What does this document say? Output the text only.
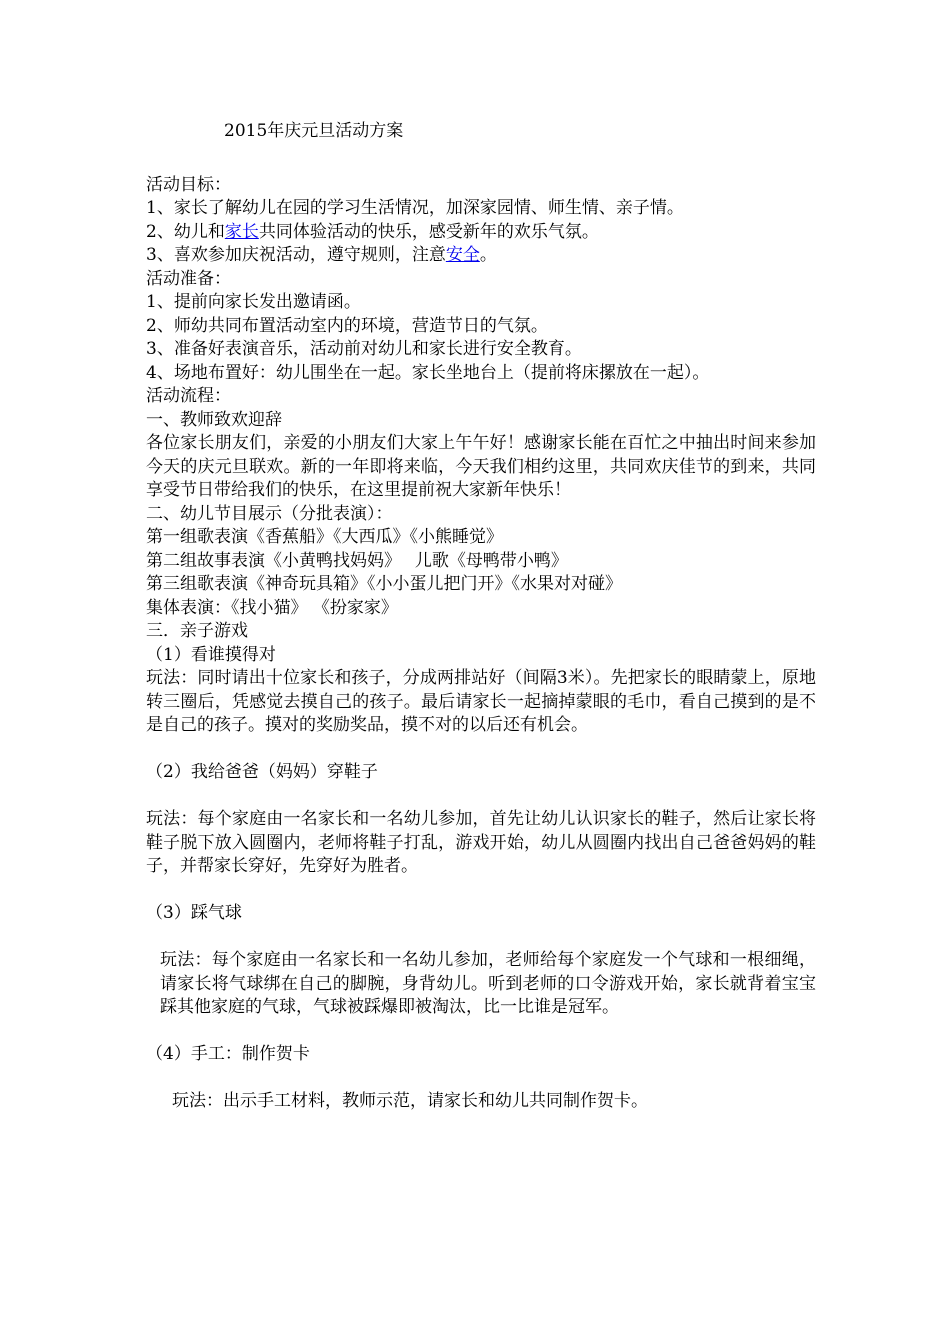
2015年庆元旦活动方案
活动目标：
1、家长了解幼儿在园的学习生活情况，加深家园情、师生情、亲子情。
2、幼儿和家长共同体验活动的快乐，感受新年的欢乐气氛。
3、喜欢参加庆祝活动，遵守规则，注意安全。
活动准备：
1、提前向家长发出邀请函。
2、师幼共同布置活动室内的环境，营造节日的气氛。
3、准备好表演音乐，活动前对幼儿和家长进行安全教育。
4、场地布置好：幼儿围坐在一起。家长坐地台上（提前将床摞放在一起）。
活动流程：
一、教师致欢迎辞
各位家长朋友们，亲爱的小朋友们大家上午午好！感谢家长能在百忙之中抽出时间来参加今天的庆元旦联欢。新的一年即将来临，今天我们相约这里，共同欢庆佳节的到来，共同享受节日带给我们的快乐，在这里提前祝大家新年快乐！
二、幼儿节目展示（分批表演）：
第一组歌表演《香蕉船》《大西瓜》《小熊睡觉》
第二组故事表演《小黄鸭找妈妈》　 儿歌《母鸭带小鸭》
第三组歌表演《神奇玩具箱》《小小蛋儿把门开》《水果对对碰》
集体表演：《找小猫》 《扮家家》
三．亲子游戏
（1）看谁摸得对
玩法：同时请出十位家长和孩子，分成两排站好（间隔3米）。先把家长的眼睛蒙上，原地转三圈后，凭感觉去摸自己的孩子。最后请家长一起摘掉蒙眼的毛巾，看自己摸到的是不是自己的孩子。摸对的奖励奖品，摸不对的以后还有机会。
（2）我给爸爸（妈妈）穿鞋子
玩法：每个家庭由一名家长和一名幼儿参加，首先让幼儿认识家长的鞋子，然后让家长将鞋子脱下放入圆圈内，老师将鞋子打乱，游戏开始，幼儿从圆圈内找出自己爸爸妈妈的鞋子，并帮家长穿好，先穿好为胜者。
（3）踩气球
玩法：每个家庭由一名家长和一名幼儿参加，老师给每个家庭发一个气球和一根细绳，请家长将气球绑在自己的脚腕，身背幼儿。听到老师的口令游戏开始，家长就背着宝宝踩其他家庭的气球，气球被踩爆即被淘汰，比一比谁是冠军。
（4）手工：制作贺卡
玩法：出示手工材料，教师示范，请家长和幼儿共同制作贺卡。
